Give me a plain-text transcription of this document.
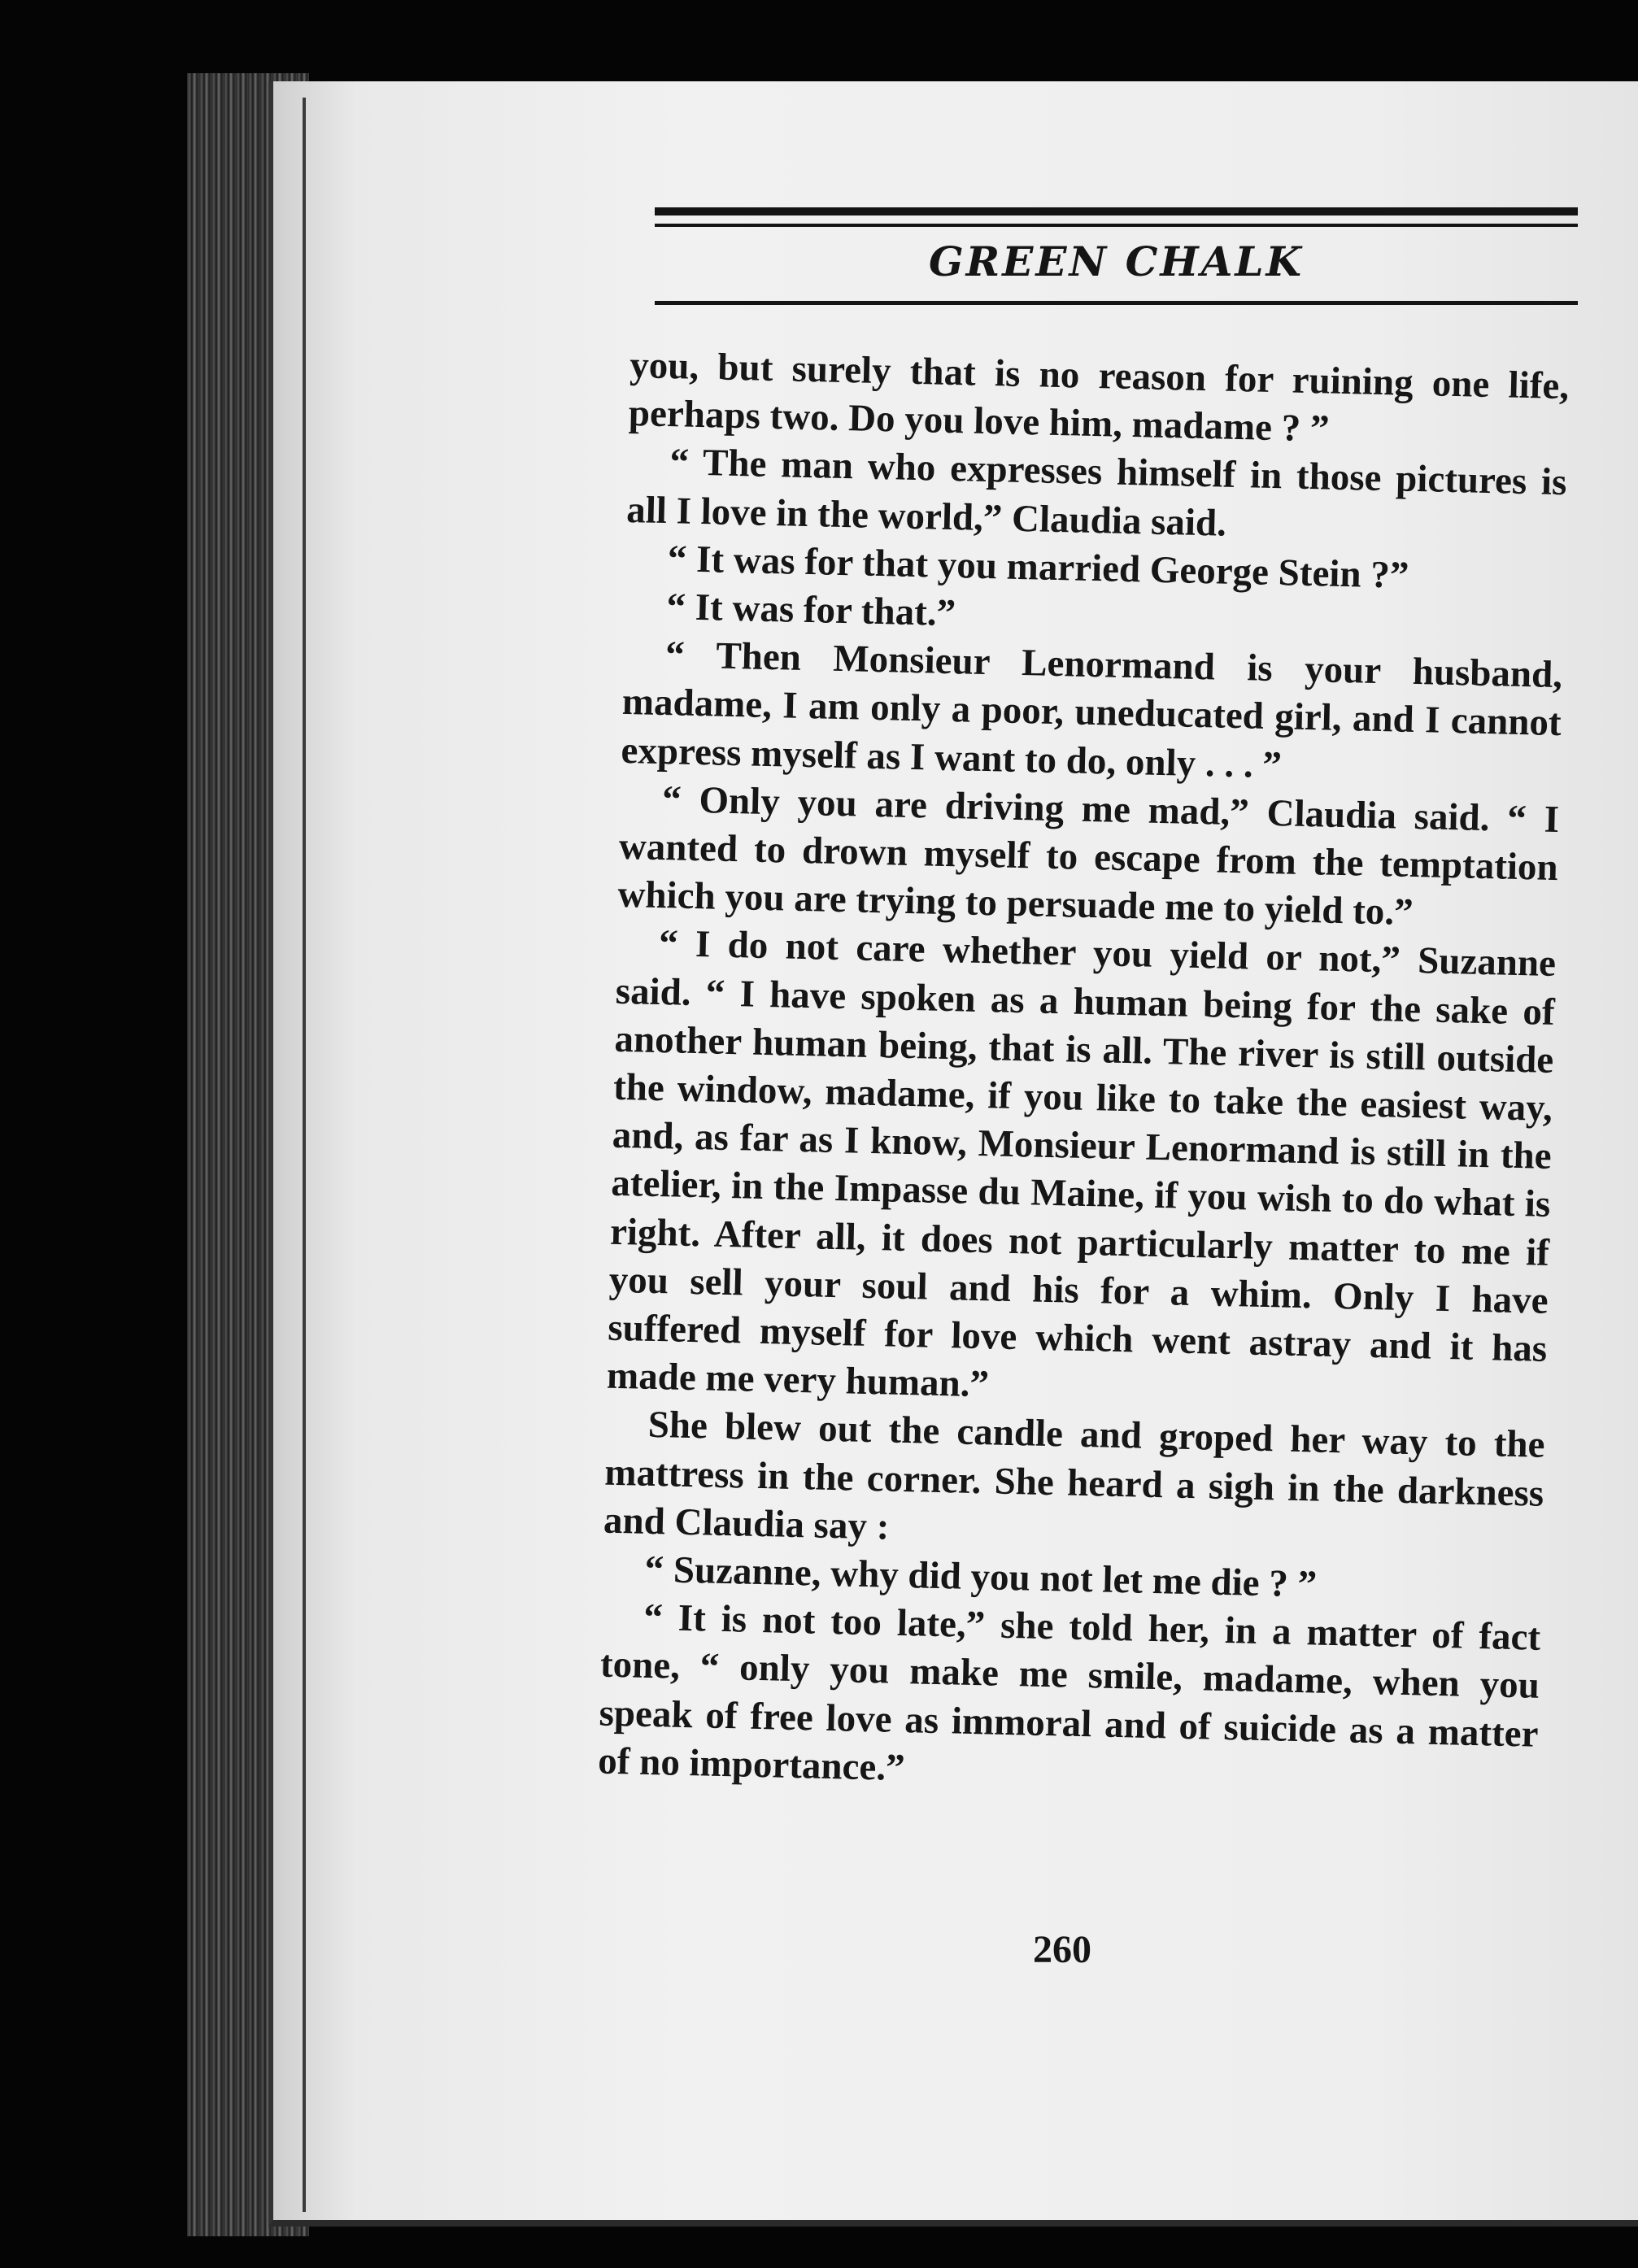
GREEN CHALK

you, but surely that is no reason for ruining one life, perhaps two. Do you love him, madame ? ”

“ The man who expresses himself in those pictures is all I love in the world,” Claudia said.

“ It was for that you married George Stein ?”

“ It was for that.”

“ Then Monsieur Lenormand is your husband, madame, I am only a poor, uneducated girl, and I cannot express myself as I want to do, only . . . ”

“ Only you are driving me mad,” Claudia said. “ I wanted to drown myself to escape from the temptation which you are trying to persuade me to yield to.”

“ I do not care whether you yield or not,” Suzanne said. “ I have spoken as a human being for the sake of another human being, that is all. The river is still outside the window, madame, if you like to take the easiest way, and, as far as I know, Monsieur Lenormand is still in the atelier, in the Impasse du Maine, if you wish to do what is right. After all, it does not particularly matter to me if you sell your soul and his for a whim. Only I have suffered myself for love which went astray and it has made me very human.”

She blew out the candle and groped her way to the mattress in the corner. She heard a sigh in the darkness and Claudia say :

“ Suzanne, why did you not let me die ? ”

“ It is not too late,” she told her, in a matter of fact tone, “ only you make me smile, madame, when you speak of free love as immoral and of suicide as a matter of no importance.”

260
